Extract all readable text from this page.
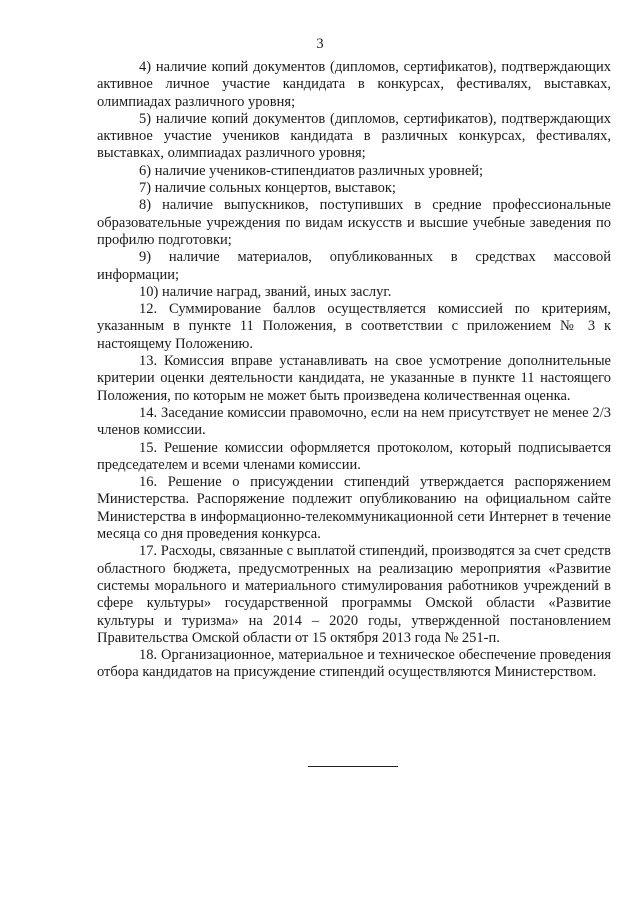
3

4) наличие копий документов (дипломов, сертификатов), подтверждающих активное личное участие кандидата в конкурсах, фестивалях, выставках, олимпиадах различного уровня;

5) наличие копий документов (дипломов, сертификатов), подтверждающих активное участие учеников кандидата в различных конкурсах, фестивалях, выставках, олимпиадах различного уровня;

6) наличие учеников-стипендиатов различных уровней;

7) наличие сольных концертов, выставок;

8) наличие выпускников, поступивших в средние профессиональные образовательные учреждения по видам искусств и высшие учебные заведения по профилю подготовки;

9) наличие материалов, опубликованных в средствах массовой информации;

10) наличие наград, званий, иных заслуг.

12. Суммирование баллов осуществляется комиссией по критериям, указанным в пункте 11 Положения, в соответствии с приложением № 3 к настоящему Положению.

13. Комиссия вправе устанавливать на свое усмотрение дополнительные критерии оценки деятельности кандидата, не указанные в пункте 11 настоящего Положения, по которым не может быть произведена количественная оценка.

14. Заседание комиссии правомочно, если на нем присутствует не менее 2/3 членов комиссии.

15. Решение комиссии оформляется протоколом, который подписывается председателем и всеми членами комиссии.

16. Решение о присуждении стипендий утверждается распоряжением Министерства. Распоряжение подлежит опубликованию на официальном сайте Министерства в информационно-телекоммуникационной сети Интернет в течение месяца со дня проведения конкурса.

17. Расходы, связанные с выплатой стипендий, производятся за счет средств областного бюджета, предусмотренных на реализацию мероприятия «Развитие системы морального и материального стимулирования работников учреждений в сфере культуры» государственной программы Омской области «Развитие культуры и туризма» на 2014 – 2020 годы, утвержденной постановлением Правительства Омской области от 15 октября 2013 года № 251-п.

18. Организационное, материальное и техническое обеспечение проведения отбора кандидатов на присуждение стипендий осуществляются Министерством.
